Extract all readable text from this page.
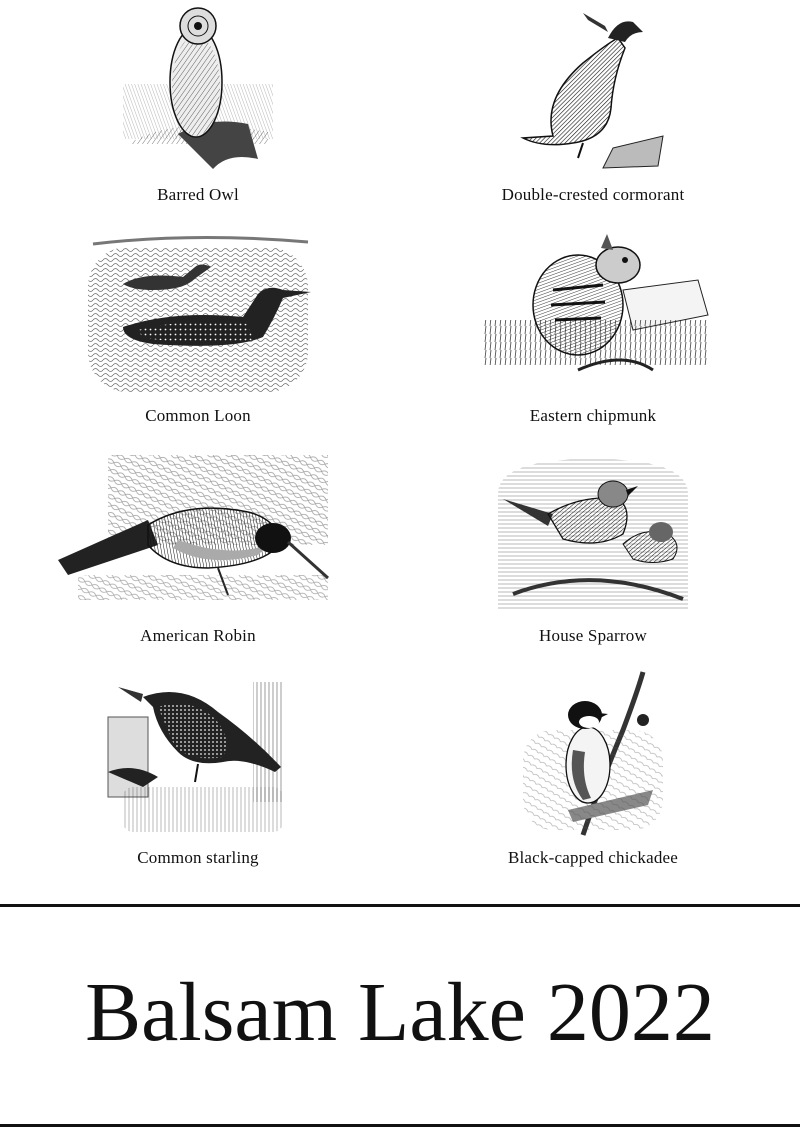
Barred Owl	Double-crested cormorant
Common Loon	Eastern chipmunk
American Robin	House Sparrow
Common starling	Black-capped chickadee
Balsam Lake 2022
